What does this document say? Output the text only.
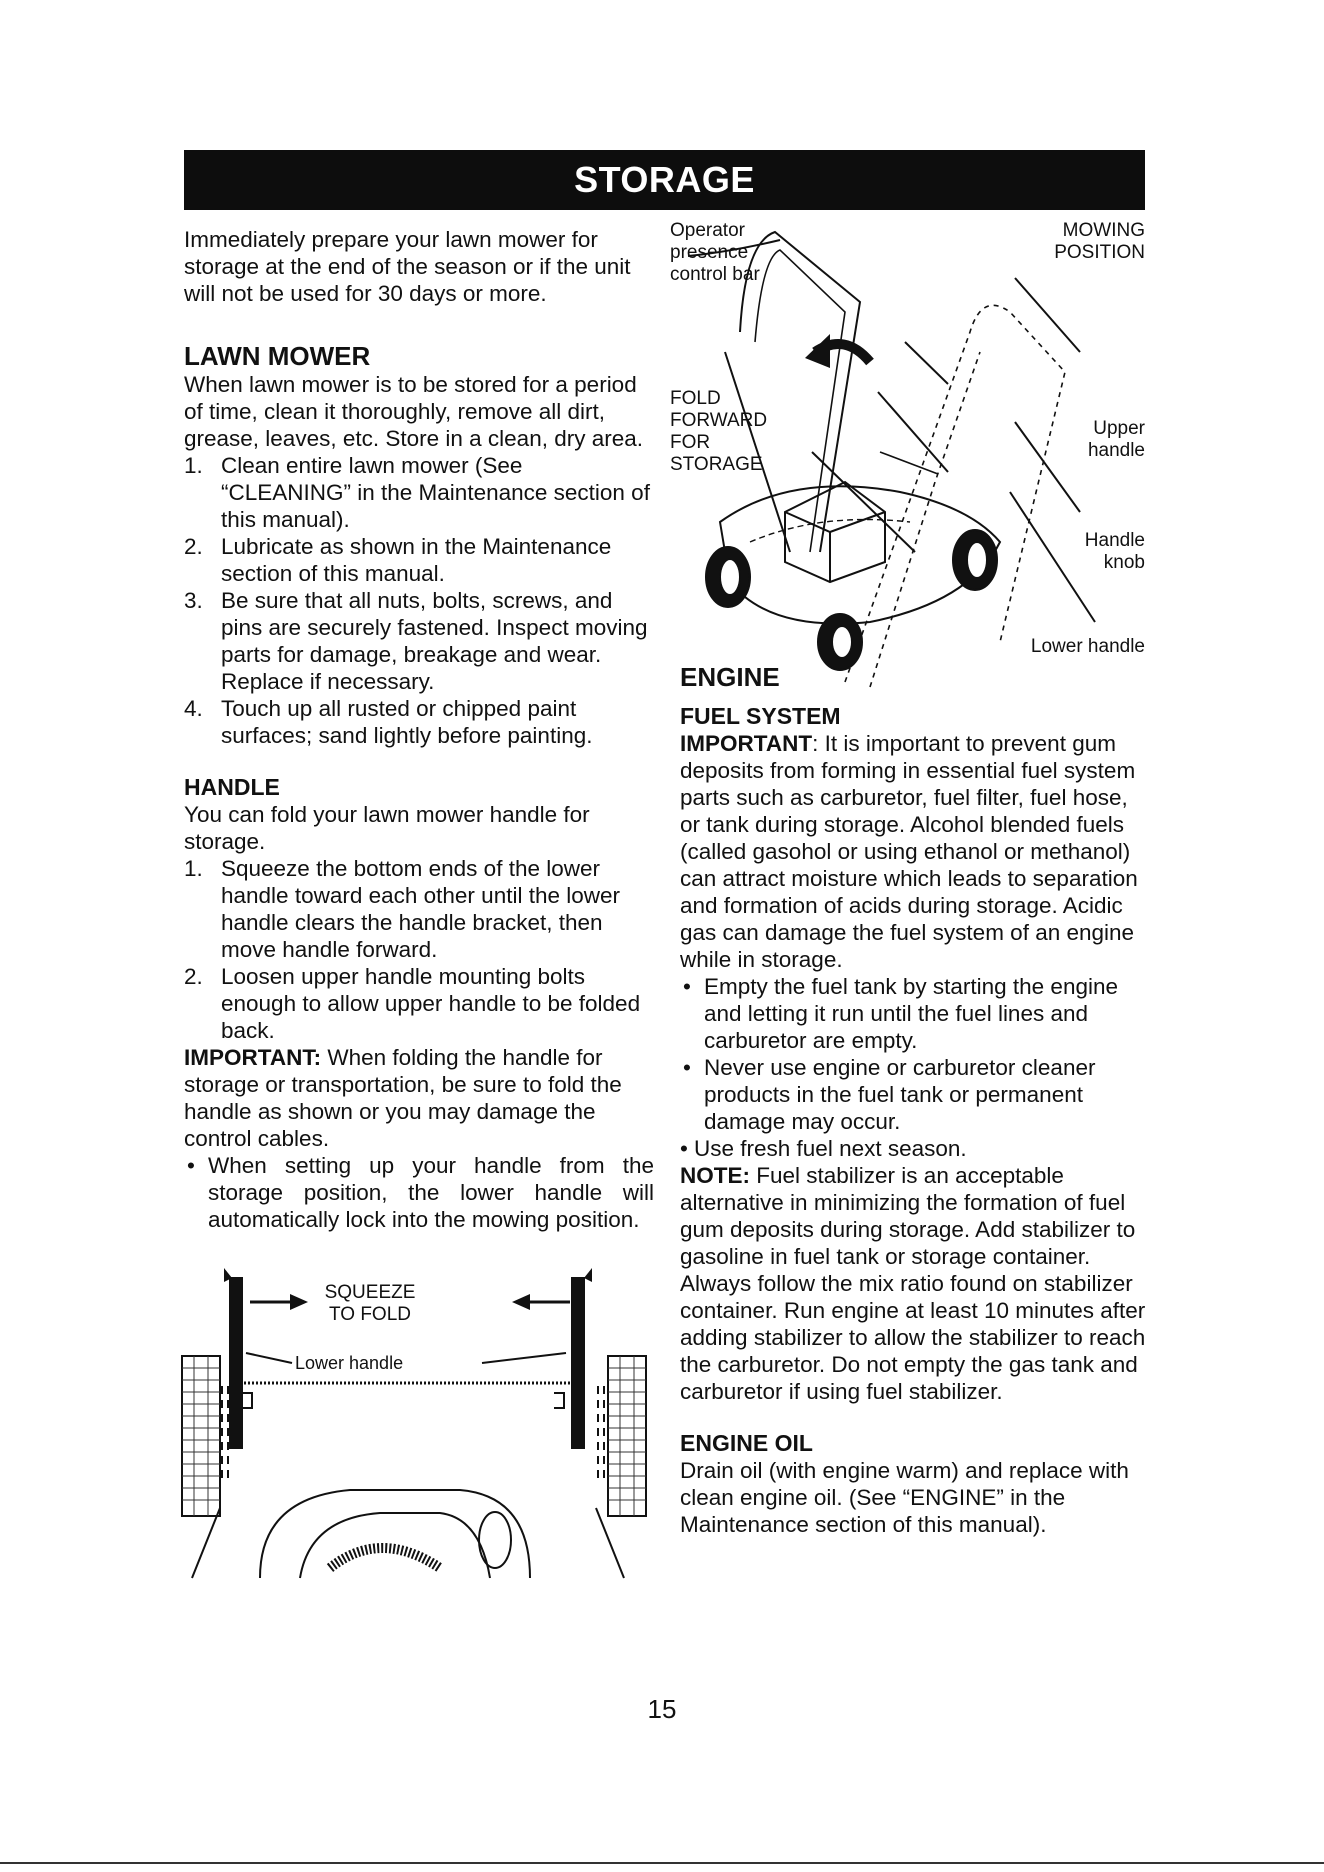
STORAGE

Immediately prepare your lawn mower for storage at the end of the season or if the unit will not be used for 30 days or more.

LAWN MOWER

When lawn mower is to be stored for a period of time, clean it thoroughly, remove all dirt, grease, leaves, etc. Store in a clean, dry area.

1. Clean entire lawn mower (See “CLEANING” in the Maintenance section of this manual).
2. Lubricate as shown in the Maintenance section of this manual.
3. Be sure that all nuts, bolts, screws, and pins are securely fastened. Inspect moving parts for damage, breakage and wear. Replace if necessary.
4. Touch up all rusted or chipped paint surfaces; sand lightly before painting.

HANDLE

You can fold your lawn mower handle for storage.

1. Squeeze the bottom ends of the lower handle toward each other until the lower handle clears the handle bracket, then move handle forward.
2. Loosen upper handle mounting bolts enough to allow upper handle to be folded back.

IMPORTANT: When folding the handle for storage or transportation, be sure to fold the handle as shown or you may damage the control cables.

• When setting up your handle from the storage position, the lower handle will automatically lock into the mowing position.
Operator
presence
control bar
MOWING
POSITION
FOLD
FORWARD
FOR
STORAGE
Upper
handle
Handle
knob
Lower handle

ENGINE

FUEL SYSTEM

IMPORTANT: It is important to prevent gum deposits from forming in essential fuel system parts such as carburetor, fuel filter, fuel hose, or tank during storage. Alcohol blended fuels (called gasohol or using ethanol or methanol) can attract moisture which leads to separation and formation of acids during storage. Acidic gas can damage the fuel system of an engine while in storage.

• Empty the fuel tank by starting the engine and letting it run until the fuel lines and carburetor are empty.
• Never use engine or carburetor cleaner products in the fuel tank or permanent damage may occur.
• Use fresh fuel next season.

NOTE: Fuel stabilizer is an acceptable alternative in minimizing the formation of fuel gum deposits during storage. Add stabilizer to gasoline in fuel tank or storage container. Always follow the mix ratio found on stabilizer container. Run engine at least 10 minutes after adding stabilizer to allow the stabilizer to reach the carburetor. Do not empty the gas tank and carburetor if using fuel stabilizer.

ENGINE OIL

Drain oil (with engine warm) and replace with clean engine oil. (See “ENGINE” in the Maintenance section of this manual).

SQUEEZE
TO FOLD
Lower handle
15
